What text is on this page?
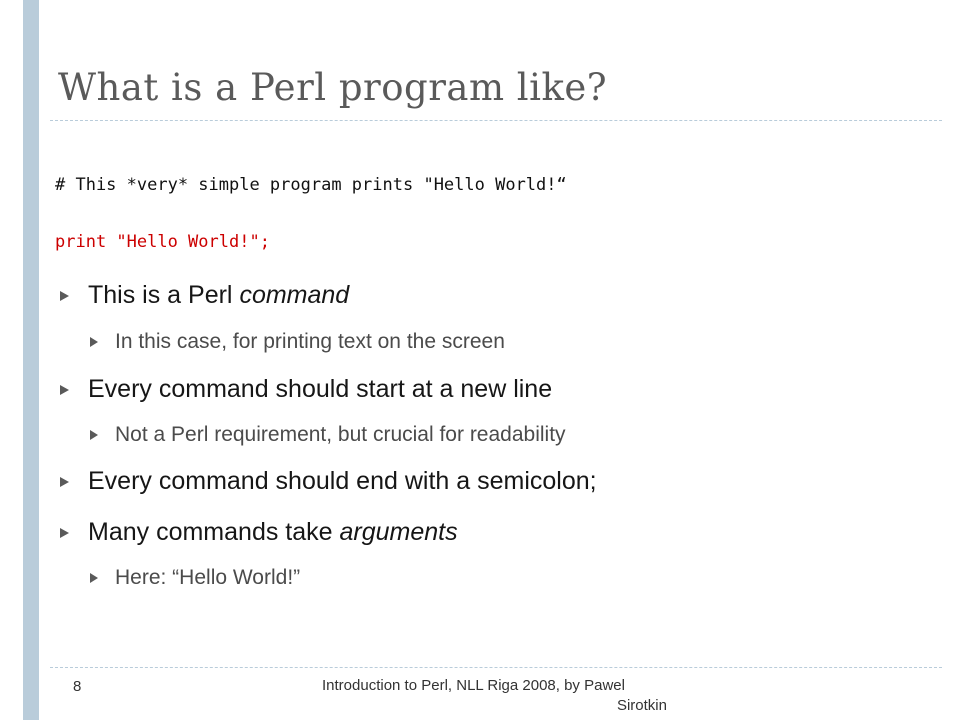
What is a Perl program like?
# This *very* simple program prints "Hello World!“
print "Hello World!";
This is a Perl command
In this case, for printing text on the screen
Every command should start at a new line
Not a Perl requirement, but crucial for readability
Every command should end with a semicolon;
Many commands take arguments
Here: “Hello World!”
8	Introduction to Perl, NLL Riga 2008, by Pawel
Sirotkin
